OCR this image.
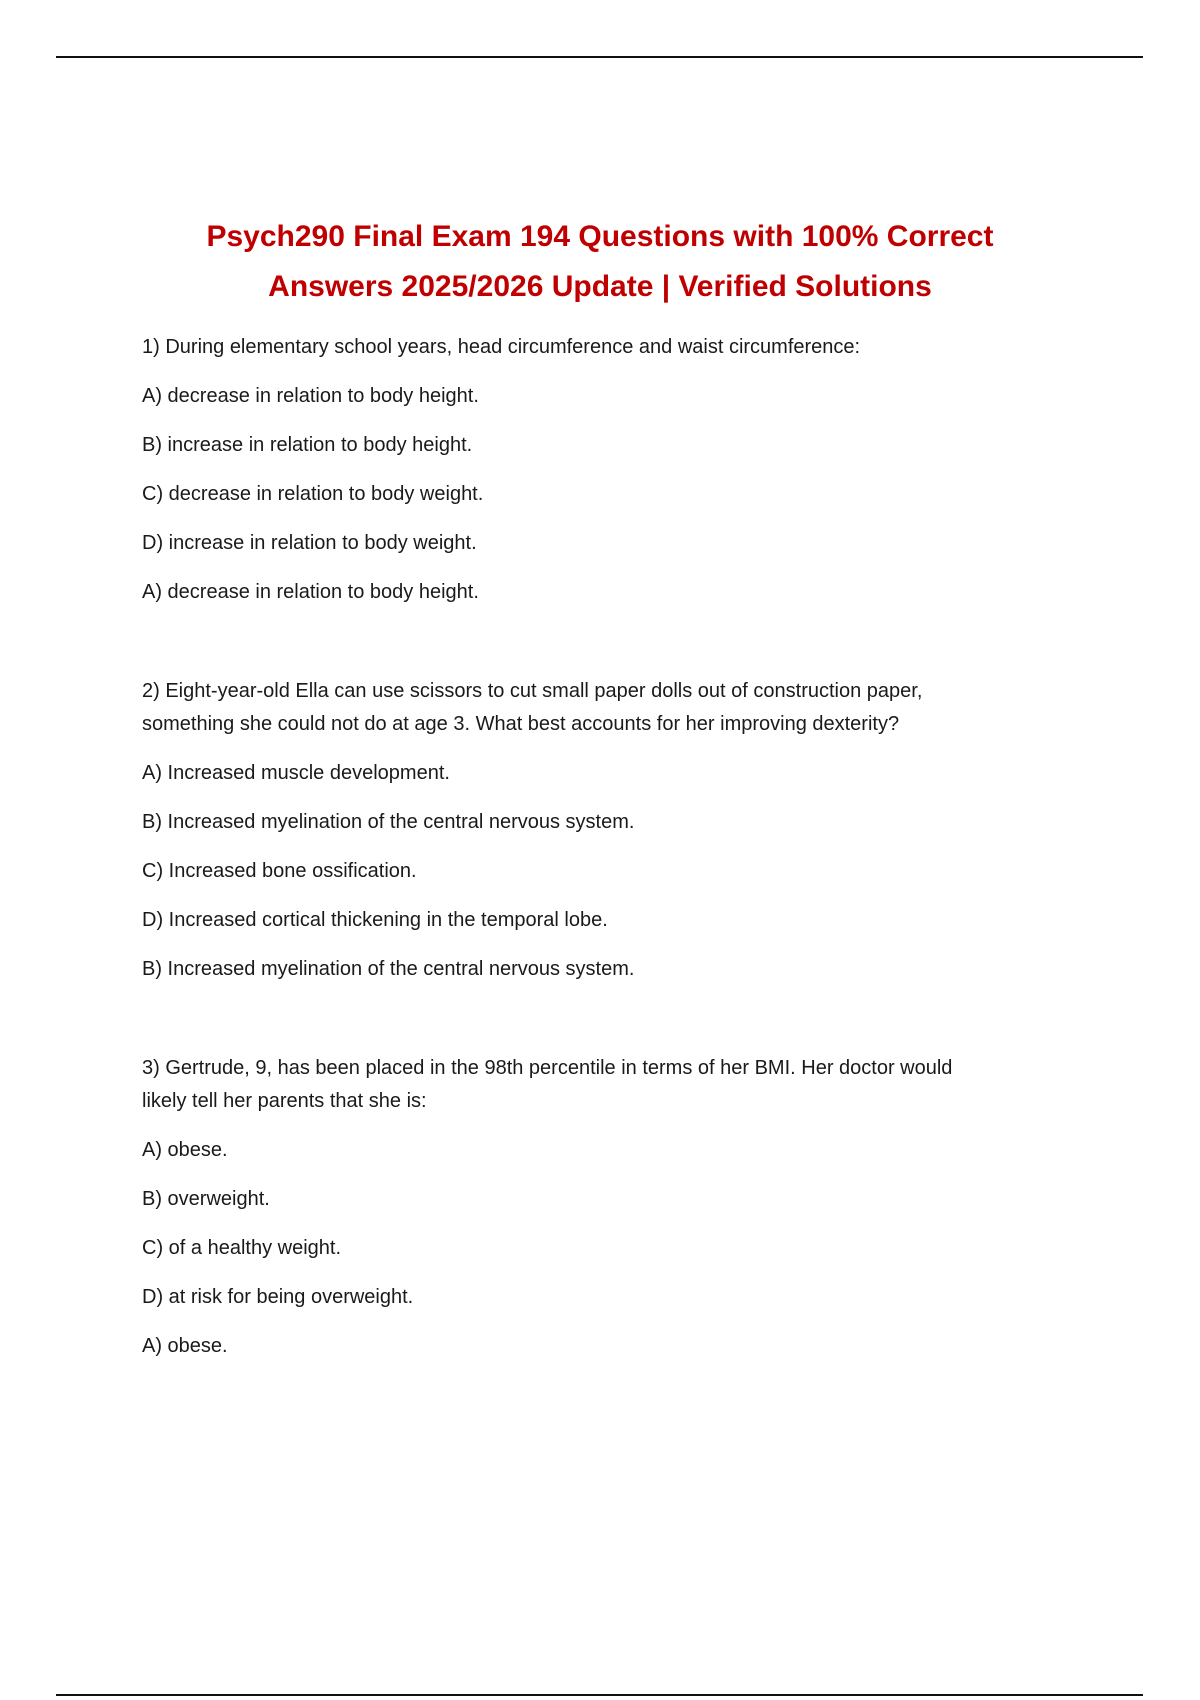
Psych290 Final Exam 194 Questions with 100% Correct
Answers 2025/2026 Update | Verified Solutions

1) During elementary school years, head circumference and waist circumference:

A) decrease in relation to body height.

B) increase in relation to body height.

C) decrease in relation to body weight.

D) increase in relation to body weight.

A) decrease in relation to body height.

2) Eight-year-old Ella can use scissors to cut small paper dolls out of construction paper,
something she could not do at age 3. What best accounts for her improving dexterity?

A) Increased muscle development.

B) Increased myelination of the central nervous system.

C) Increased bone ossification.

D) Increased cortical thickening in the temporal lobe.

B) Increased myelination of the central nervous system.

3) Gertrude, 9, has been placed in the 98th percentile in terms of her BMI. Her doctor would
likely tell her parents that she is:

A) obese.

B) overweight.

C) of a healthy weight.

D) at risk for being overweight.

A) obese.
